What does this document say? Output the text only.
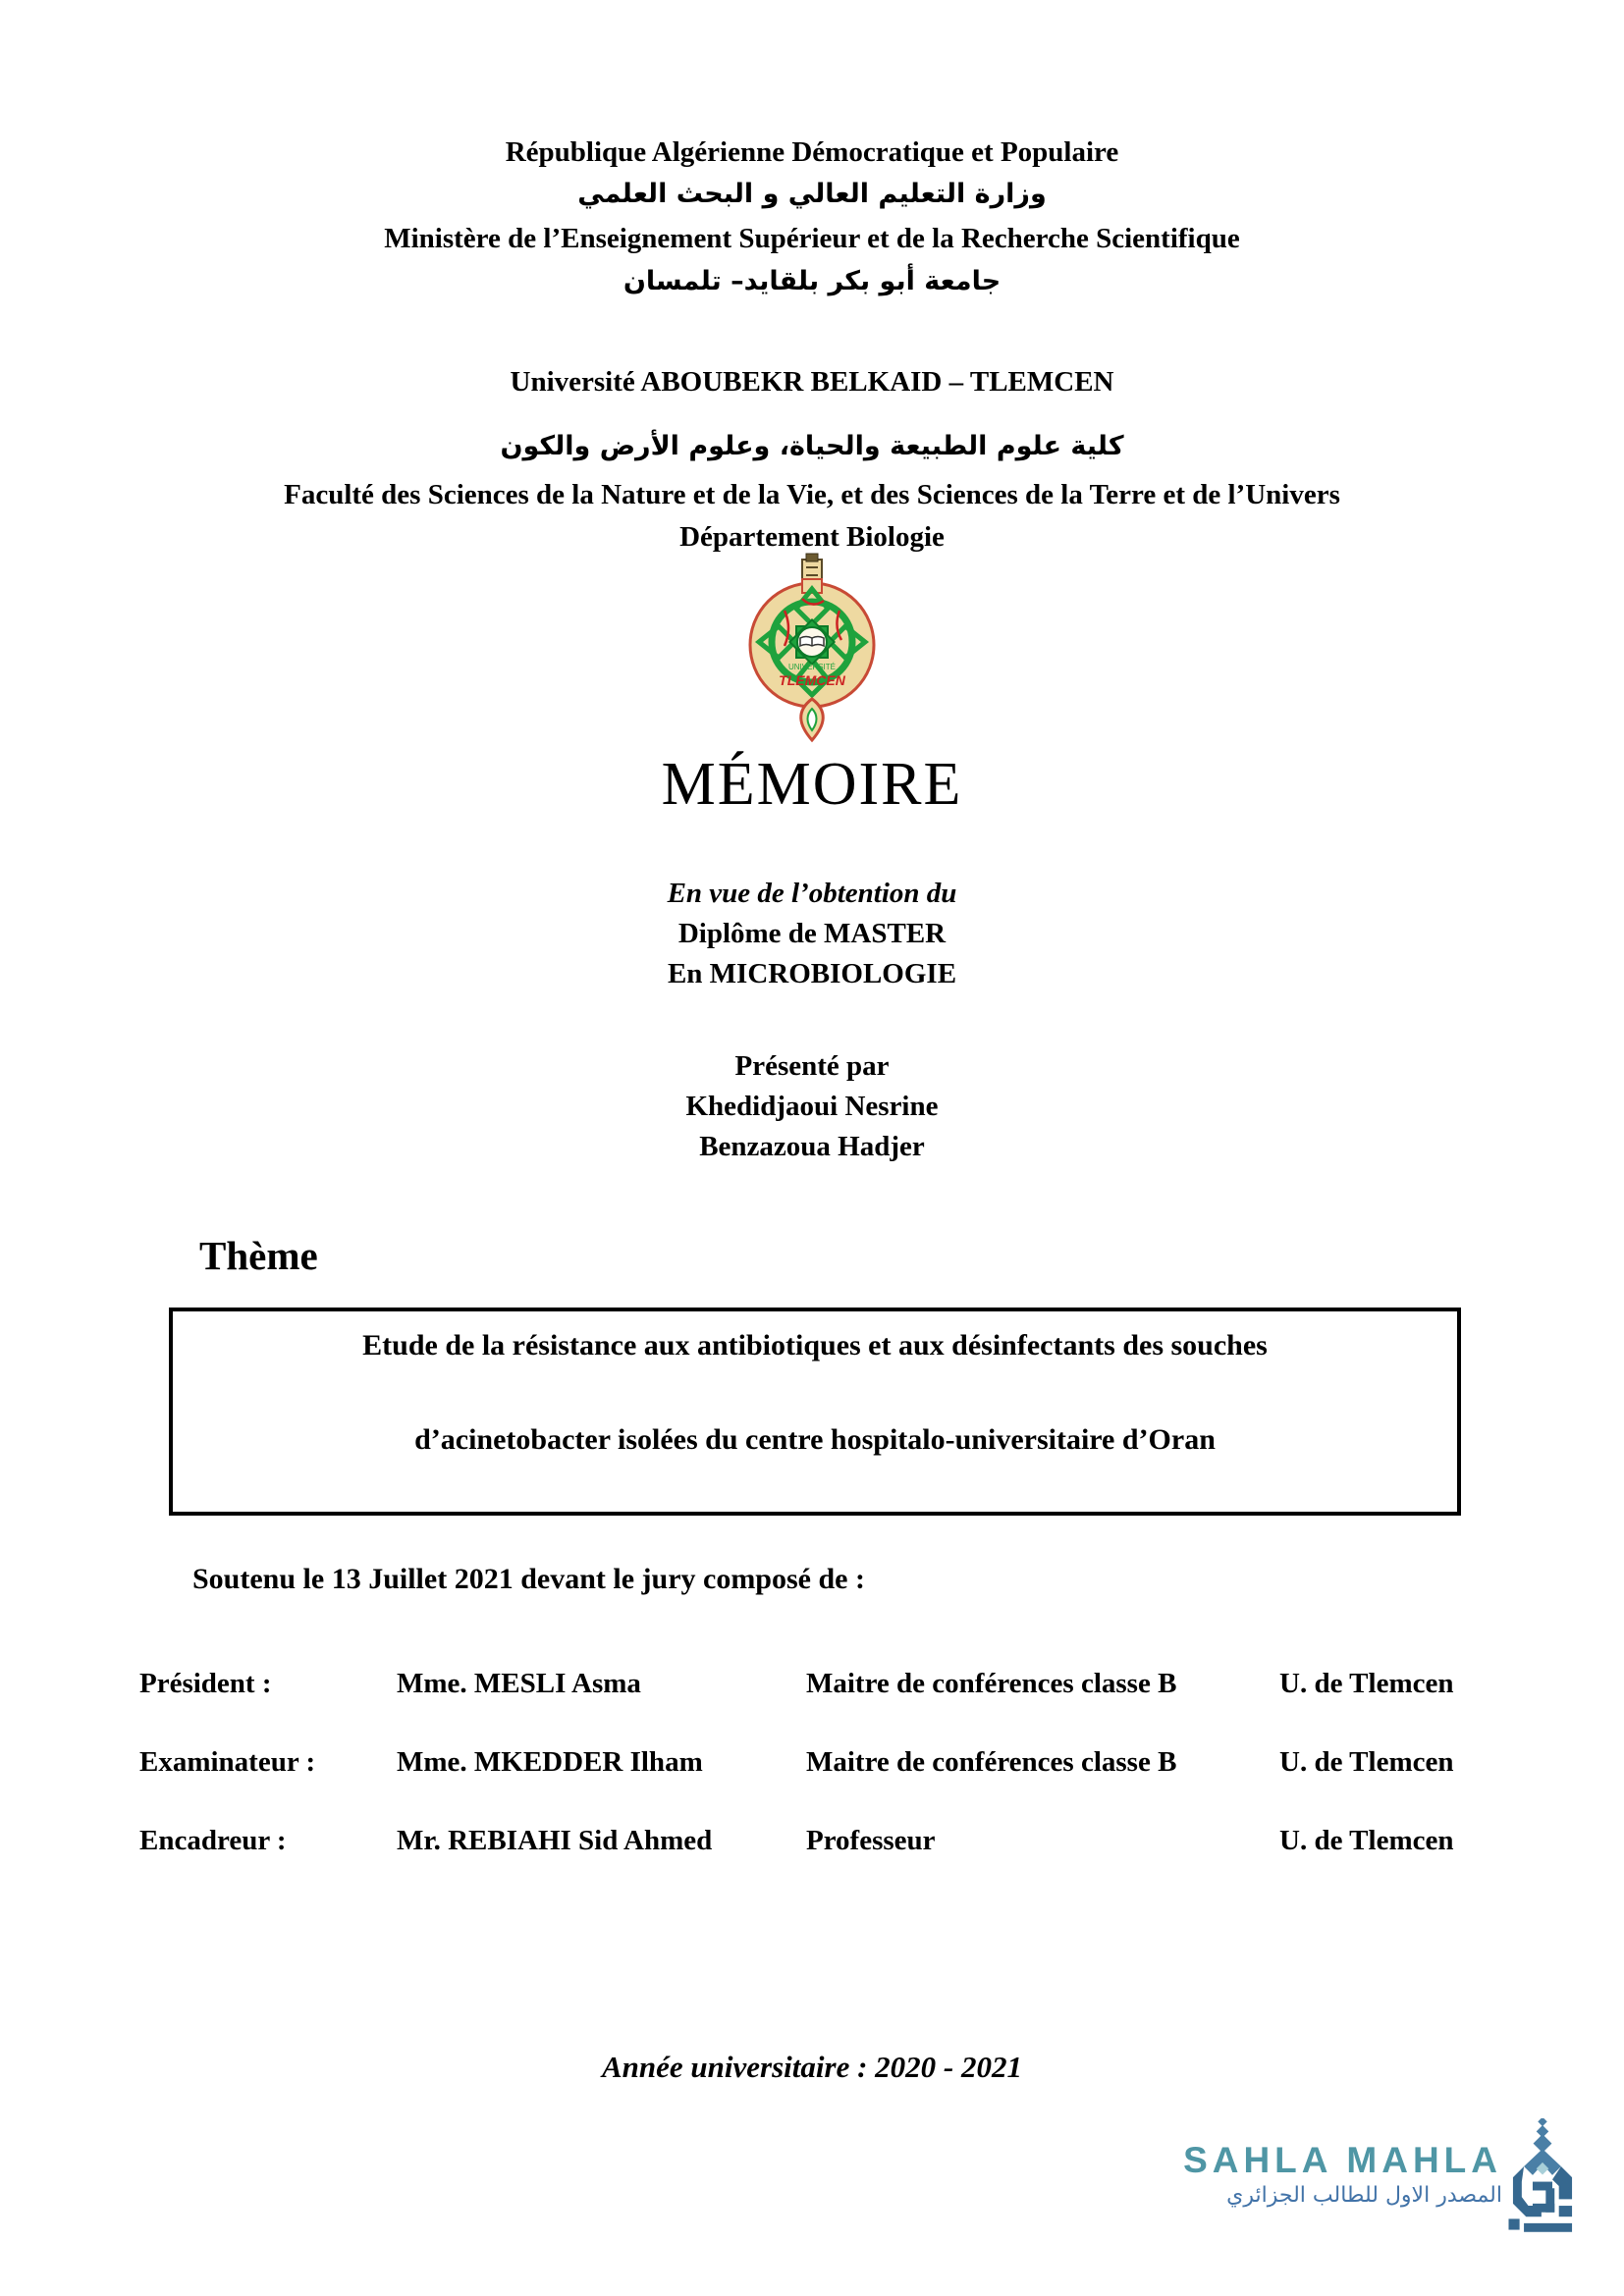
République Algérienne Démocratique et Populaire
وزارة التعليم العالي و البحث العلمي
Ministère de l’Enseignement Supérieur et de la Recherche Scientifique
جامعة أبو بكر بلقايد– تلمسان
Université ABOUBEKR BELKAID – TLEMCEN
كلية علوم الطبيعة والحياة، وعلوم الأرض والكون
Faculté des Sciences de la Nature et de la Vie, et des Sciences de la Terre et de l’Univers
Département Biologie
UNIVERSITÉ
TLEMCEN
MÉMOIRE
En vue de l’obtention du
Diplôme de MASTER
En MICROBIOLOGIE
Présenté par
Khedidjaoui Nesrine
Benzazoua Hadjer
Thème
Etude de la résistance aux antibiotiques et aux désinfectants des souches
d’acinetobacter isolées du centre hospitalo-universitaire d’Oran
Soutenu le 13 Juillet 2021 devant le jury composé de :
Président :	Mme. MESLI Asma	Maitre de conférences classe B	U. de Tlemcen
Examinateur :	Mme. MKEDDER Ilham	Maitre de conférences classe B	U. de Tlemcen
Encadreur :	Mr. REBIAHI Sid Ahmed	Professeur	U. de Tlemcen
Année universitaire : 2020 - 2021
SAHLA MAHLA
المصدر الاول للطالب الجزائري
